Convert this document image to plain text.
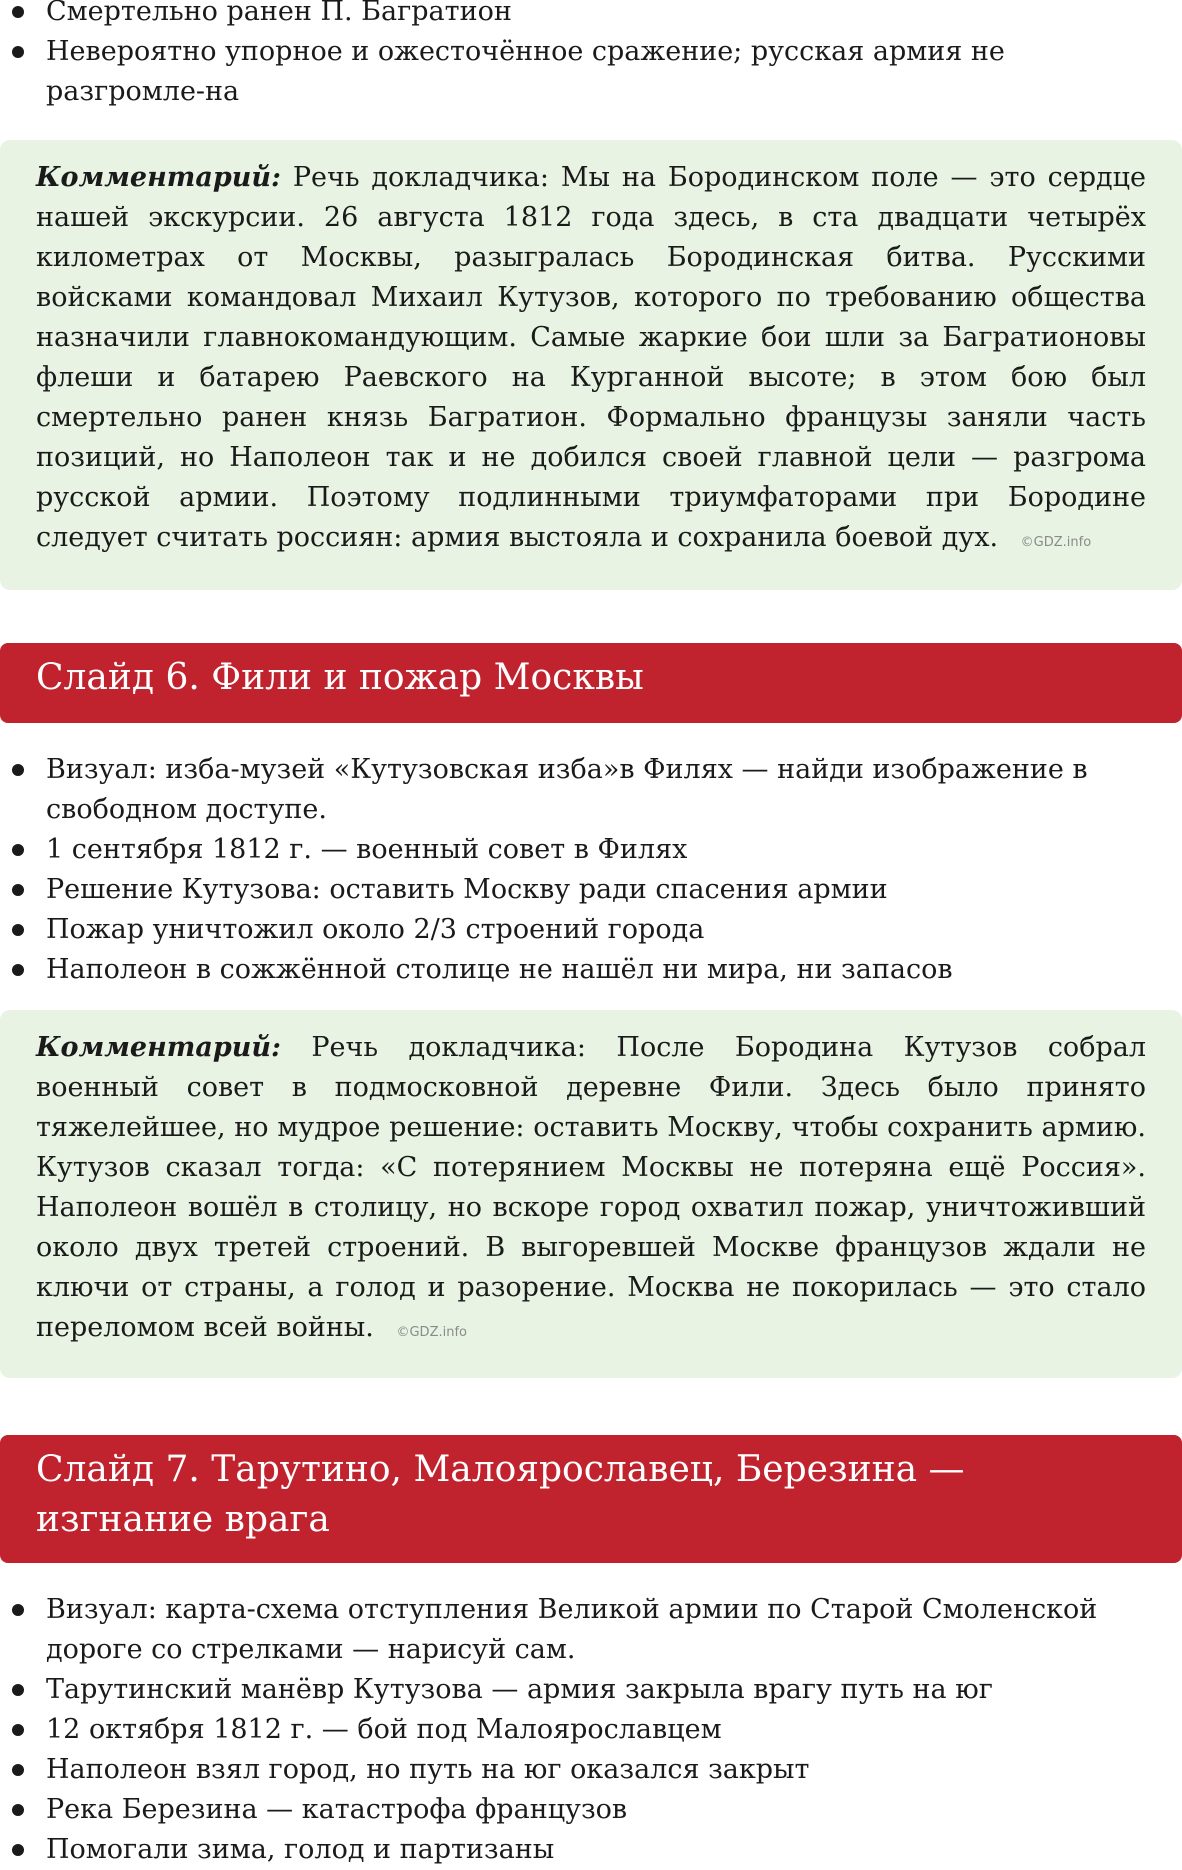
Смертельно ранен П. Багратион
Невероятно упорное и ожесточённое сражение; русская армия не разгромле-на
Комментарий: Речь докладчика: Мы на Бородинском поле — это сердце нашей экскурсии. 26 августа 1812 года здесь, в ста двадцати четырёх километрах от Москвы, разыгралась Бородинская битва. Русскими войсками командовал Михаил Кутузов, которого по требованию общества назначили главнокомандующим. Самые жаркие бои шли за Багратионовы флеши и батарею Раевского на Курганной высоте; в этом бою был смертельно ранен князь Багратион. Формально французы заняли часть позиций, но Наполеон так и не добился своей главной цели — разгрома русской армии. Поэтому подлинными триумфаторами при Бородине следует считать россиян: армия выстояла и сохранила боевой дух. ©GDZ.info
Слайд 6. Фили и пожар Москвы
Визуал: изба-музей «Кутузовская изба»в Филях — найди изображение в свободном доступе.
1 сентября 1812 г. — военный совет в Филях
Решение Кутузова: оставить Москву ради спасения армии
Пожар уничтожил около 2/3 строений города
Наполеон в сожжённой столице не нашёл ни мира, ни запасов
Комментарий: Речь докладчика: После Бородина Кутузов собрал военный совет в подмосковной деревне Фили. Здесь было принято тяжелейшее, но мудрое решение: оставить Москву, чтобы сохранить армию. Кутузов сказал тогда: «С потерянием Москвы не потеряна ещё Россия». Наполеон вошёл в столицу, но вскоре город охватил пожар, уничтоживший около двух третей строений. В выгоревшей Москве французов ждали не ключи от страны, а голод и разорение. Москва не покорилась — это стало переломом всей войны. ©GDZ.info
Слайд 7. Тарутино, Малоярославец, Березина — изгнание врага
Визуал: карта-схема отступления Великой армии по Старой Смоленской дороге со стрелками — нарисуй сам.
Тарутинский манёвр Кутузова — армия закрыла врагу путь на юг
12 октября 1812 г. — бой под Малоярославцем
Наполеон взял город, но путь на юг оказался закрыт
Река Березина — катастрофа французов
Помогали зима, голод и партизаны
